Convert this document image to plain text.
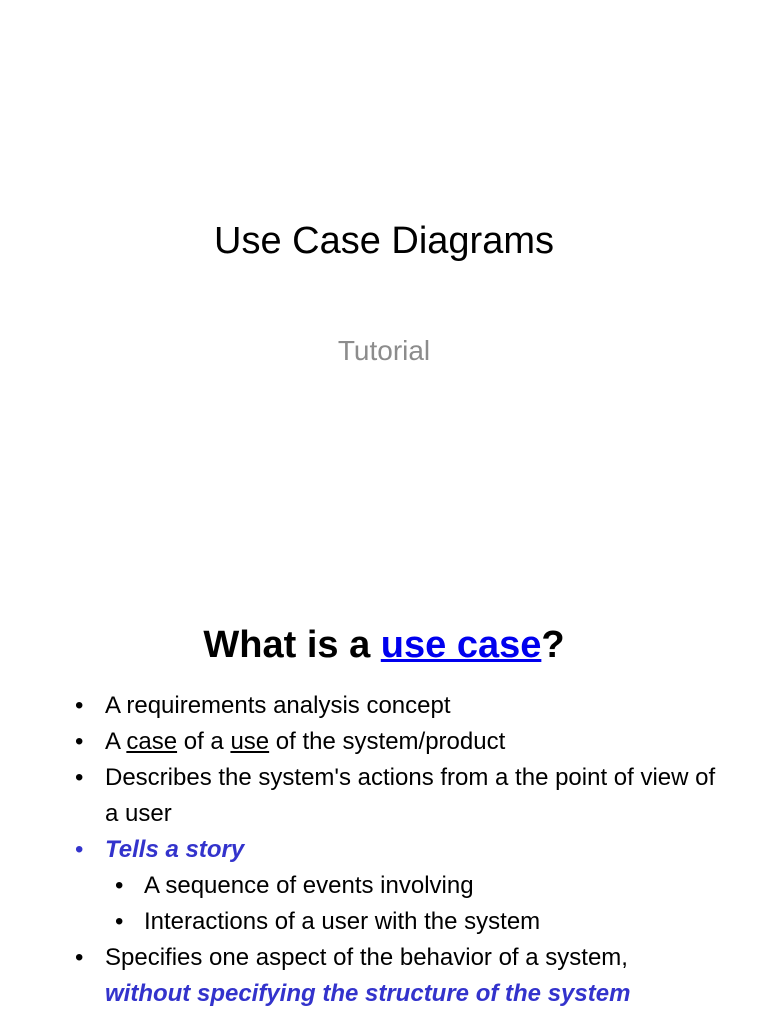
Use Case Diagrams
Tutorial
What is a use case?
• A requirements analysis concept
• A case of a use of the system/product
• Describes the system's actions from a the point of view of a user
• Tells a story
• A sequence of events involving
• Interactions of a user with the system
• Specifies one aspect of the behavior of a system,
without specifying the structure of the system
